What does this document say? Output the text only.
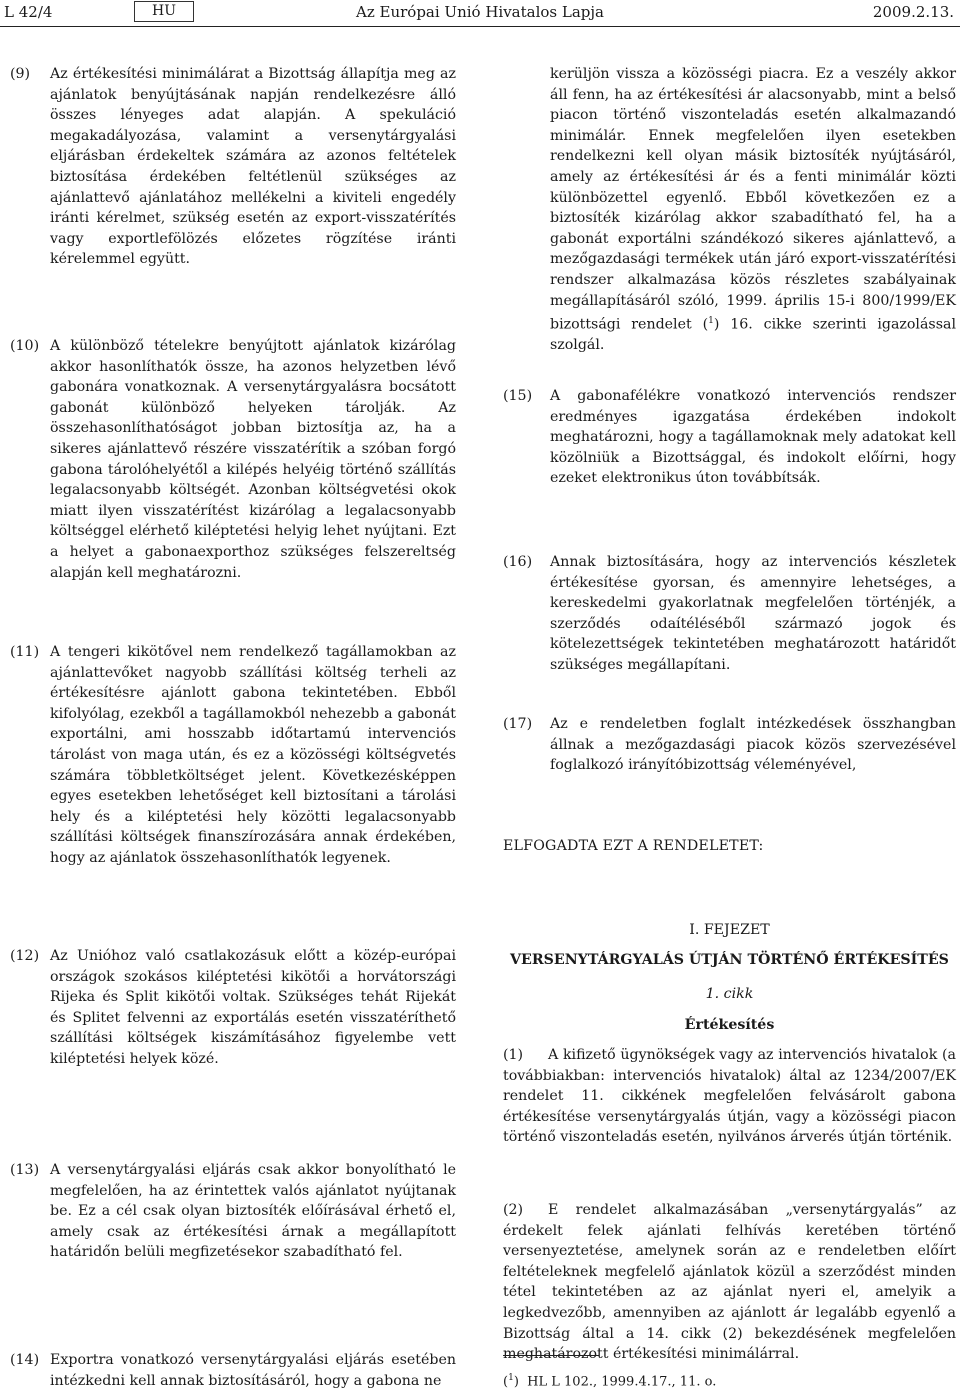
L 42/4	HU	Az Európai Unió Hivatalos Lapja	2009.2.13.
(9) Az értékesítési minimálárat a Bizottság állapítja meg az ajánlatok benyújtásának napján rendelkezésre álló összes lényeges adat alapján. A spekuláció megakadályozása, valamint a versenytárgyalási eljárásban érdekeltek számára az azonos feltételek biztosítása érdekében feltétlenül szükséges az ajánlattevő ajánlatához mellékelni a kiviteli engedély iránti kérelmet, szükség esetén az export-visszatérítés vagy exportlefölözés előzetes rögzítése iránti kérelemmel együtt.
(10) A különböző tételekre benyújtott ajánlatok kizárólag akkor hasonlíthatók össze, ha azonos helyzetben lévő gabonára vonatkoznak. A versenytárgyalásra bocsátott gabonát különböző helyeken tárolják. Az összehasonlíthatóságot jobban biztosítja az, ha a sikeres ajánlattevő részére visszatérítik a szóban forgó gabona tárolóhelyétől a kilépés helyéig történő szállítás legalacsonyabb költségét. Azonban költségvetési okok miatt ilyen visszatérítést kizárólag a legalacsonyabb költséggel elérhető kiléptetési helyig lehet nyújtani. Ezt a helyet a gabonaexporthoz szükséges felszereltség alapján kell meghatározni.
(11) A tengeri kikötővel nem rendelkező tagállamokban az ajánlattevőket nagyobb szállítási költség terheli az értékesítésre ajánlott gabona tekintetében. Ebből kifolyólag, ezekből a tagállamokból nehezebb a gabonát exportálni, ami hosszabb időtartamú intervenciós tárolást von maga után, és ez a közösségi költségvetés számára többletköltséget jelent. Következésképpen egyes esetekben lehetőséget kell biztosítani a tárolási hely és a kiléptetési hely közötti legalacsonyabb szállítási költségek finanszírozására annak érdekében, hogy az ajánlatok összehasonlíthatók legyenek.
(12) Az Unióhoz való csatlakozásuk előtt a közép-európai országok szokásos kiléptetési kikötői a horvátországi Rijeka és Split kikötői voltak. Szükséges tehát Rijekát és Splitet felvenni az exportálás esetén visszatéríthető szállítási költségek kiszámításához figyelembe vett kiléptetési helyek közé.
(13) A versenytárgyalási eljárás csak akkor bonyolítható le megfelelően, ha az érintettek valós ajánlatot nyújtanak be. Ez a cél csak olyan biztosíték előírásával érhető el, amely csak az értékesítési árnak a megállapított határidőn belüli megfizetésekor szabadítható fel.
(14) Exportra vonatkozó versenytárgyalási eljárás esetében intézkedni kell annak biztosításáról, hogy a gabona ne
kerüljön vissza a közösségi piacra. Ez a veszély akkor áll fenn, ha az értékesítési ár alacsonyabb, mint a belső piacon történő viszonteladás esetén alkalmazandó minimálár. Ennek megfelelően ilyen esetekben rendelkezni kell olyan másik biztosíték nyújtásáról, amely az értékesítési ár és a fenti minimálár közti különbözettel egyenlő. Ebből következően ez a biztosíték kizárólag akkor szabadítható fel, ha a gabonát exportálni szándékozó sikeres ajánlattevő, a mezőgazdasági termékek után járó export-visszatérítési rendszer alkalmazása közös részletes szabályainak megállapításáról szóló, 1999. április 15-i 800/1999/EK bizottsági rendelet ($^1$) 16. cikke szerinti igazolással szolgál.
(15) A gabonafélékre vonatkozó intervenciós rendszer eredményes igazgatása érdekében indokolt meghatározni, hogy a tagállamoknak mely adatokat kell közölniük a Bizottsággal, és indokolt előírni, hogy ezeket elektronikus úton továbbítsák.
(16) Annak biztosítására, hogy az intervenciós készletek értékesítése gyorsan, és amennyire lehetséges, a kereskedelmi gyakorlatnak megfelelően történjék, a szerződés odaítéléséből származó jogok és kötelezettségek tekintetében meghatározott határidőt szükséges megállapítani.
(17) Az e rendeletben foglalt intézkedések összhangban állnak a mezőgazdasági piacok közös szervezésével foglalkozó irányítóbizottság véleményével,
ELFOGADTA EZT A RENDELETET:
I. FEJEZET
VERSENYTÁRGYALÁS ÚTJÁN TÖRTÉNŐ ÉRTÉKESÍTÉS
1. cikk
Értékesítés
(1) A kifizető ügynökségek vagy az intervenciós hivatalok (a továbbiakban: intervenciós hivatalok) által az 1234/2007/EK rendelet 11. cikkének megfelelően felvásárolt gabona értékesítése versenytárgyalás útján, vagy a közösségi piacon történő viszonteladás esetén, nyilvános árverés útján történik.
(2) E rendelet alkalmazásában „versenytárgyalás” az érdekelt felek ajánlati felhívás keretében történő versenyeztetése, amelynek során az e rendeletben előírt feltételeknek megfelelő ajánlatok közül a szerződést minden tétel tekintetében az az ajánlat nyeri el, amelyik a legkedvezőbb, amennyiben az ajánlott ár legalább egyenlő a Bizottság által a 14. cikk (2) bekezdésének megfelelően meghatározott értékesítési minimálárral.
($^1$)  HL L 102., 1999.4.17., 11. o.
